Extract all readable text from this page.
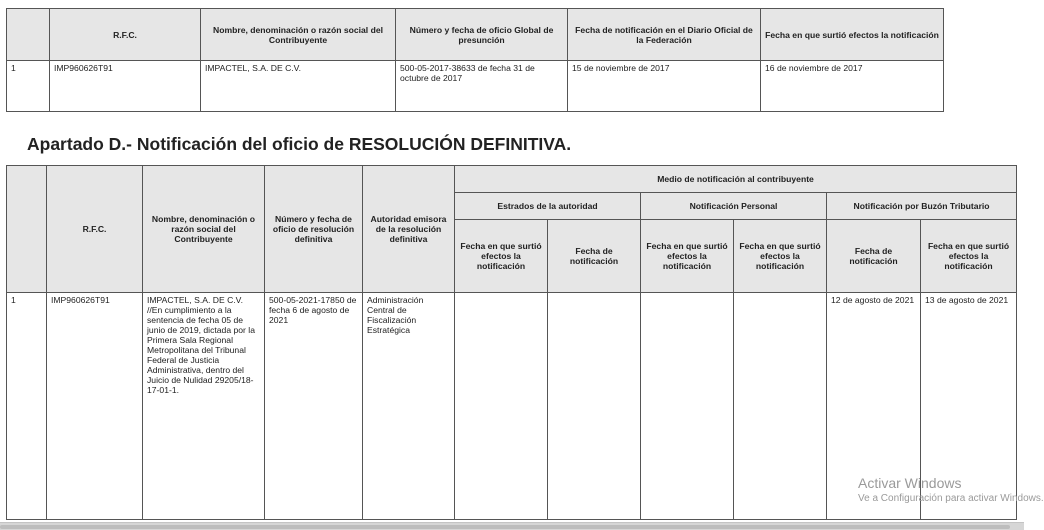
	R.F.C.	Nombre, denominación o razón social del Contribuyente	Número y fecha de oficio Global de presunción	Fecha de notificación en el Diario Oficial de la Federación	Fecha en que surtió efectos la notificación
1	IMP960626T91	IMPACTEL, S.A. DE C.V.	500-05-2017-38633 de fecha 31 de octubre de 2017	15 de noviembre de 2017	16 de noviembre de 2017
Apartado D.- Notificación del oficio de RESOLUCIÓN DEFINITIVA.
	R.F.C.	Nombre, denominación o razón social del Contribuyente	Número y fecha de oficio de resolución definitiva	Autoridad emisora de la resolución definitiva	Medio de notificación al contribuyente					
					Estrados de la autoridad		Notificación Personal		Notificación por Buzón Tributario	
					Fecha en que surtió efectos la notificación	Fecha de notificación	Fecha en que surtió efectos la notificación	Fecha en que surtió efectos la notificación	Fecha de notificación	Fecha en que surtió efectos la notificación
1	IMP960626T91	IMPACTEL, S.A. DE C.V. //En cumplimiento a la sentencia de fecha 05 de junio de 2019, dictada por la Primera Sala Regional Metropolitana del Tribunal Federal de Justicia Administrativa, dentro del Juicio de Nulidad 29205/18-17-01-1.	500-05-2021-17850 de fecha 6 de agosto de 2021	Administración Central de Fiscalización Estratégica					12 de agosto de 2021	13 de agosto de 2021
Activar Windows
Ve a Configuración para activar Windows.
